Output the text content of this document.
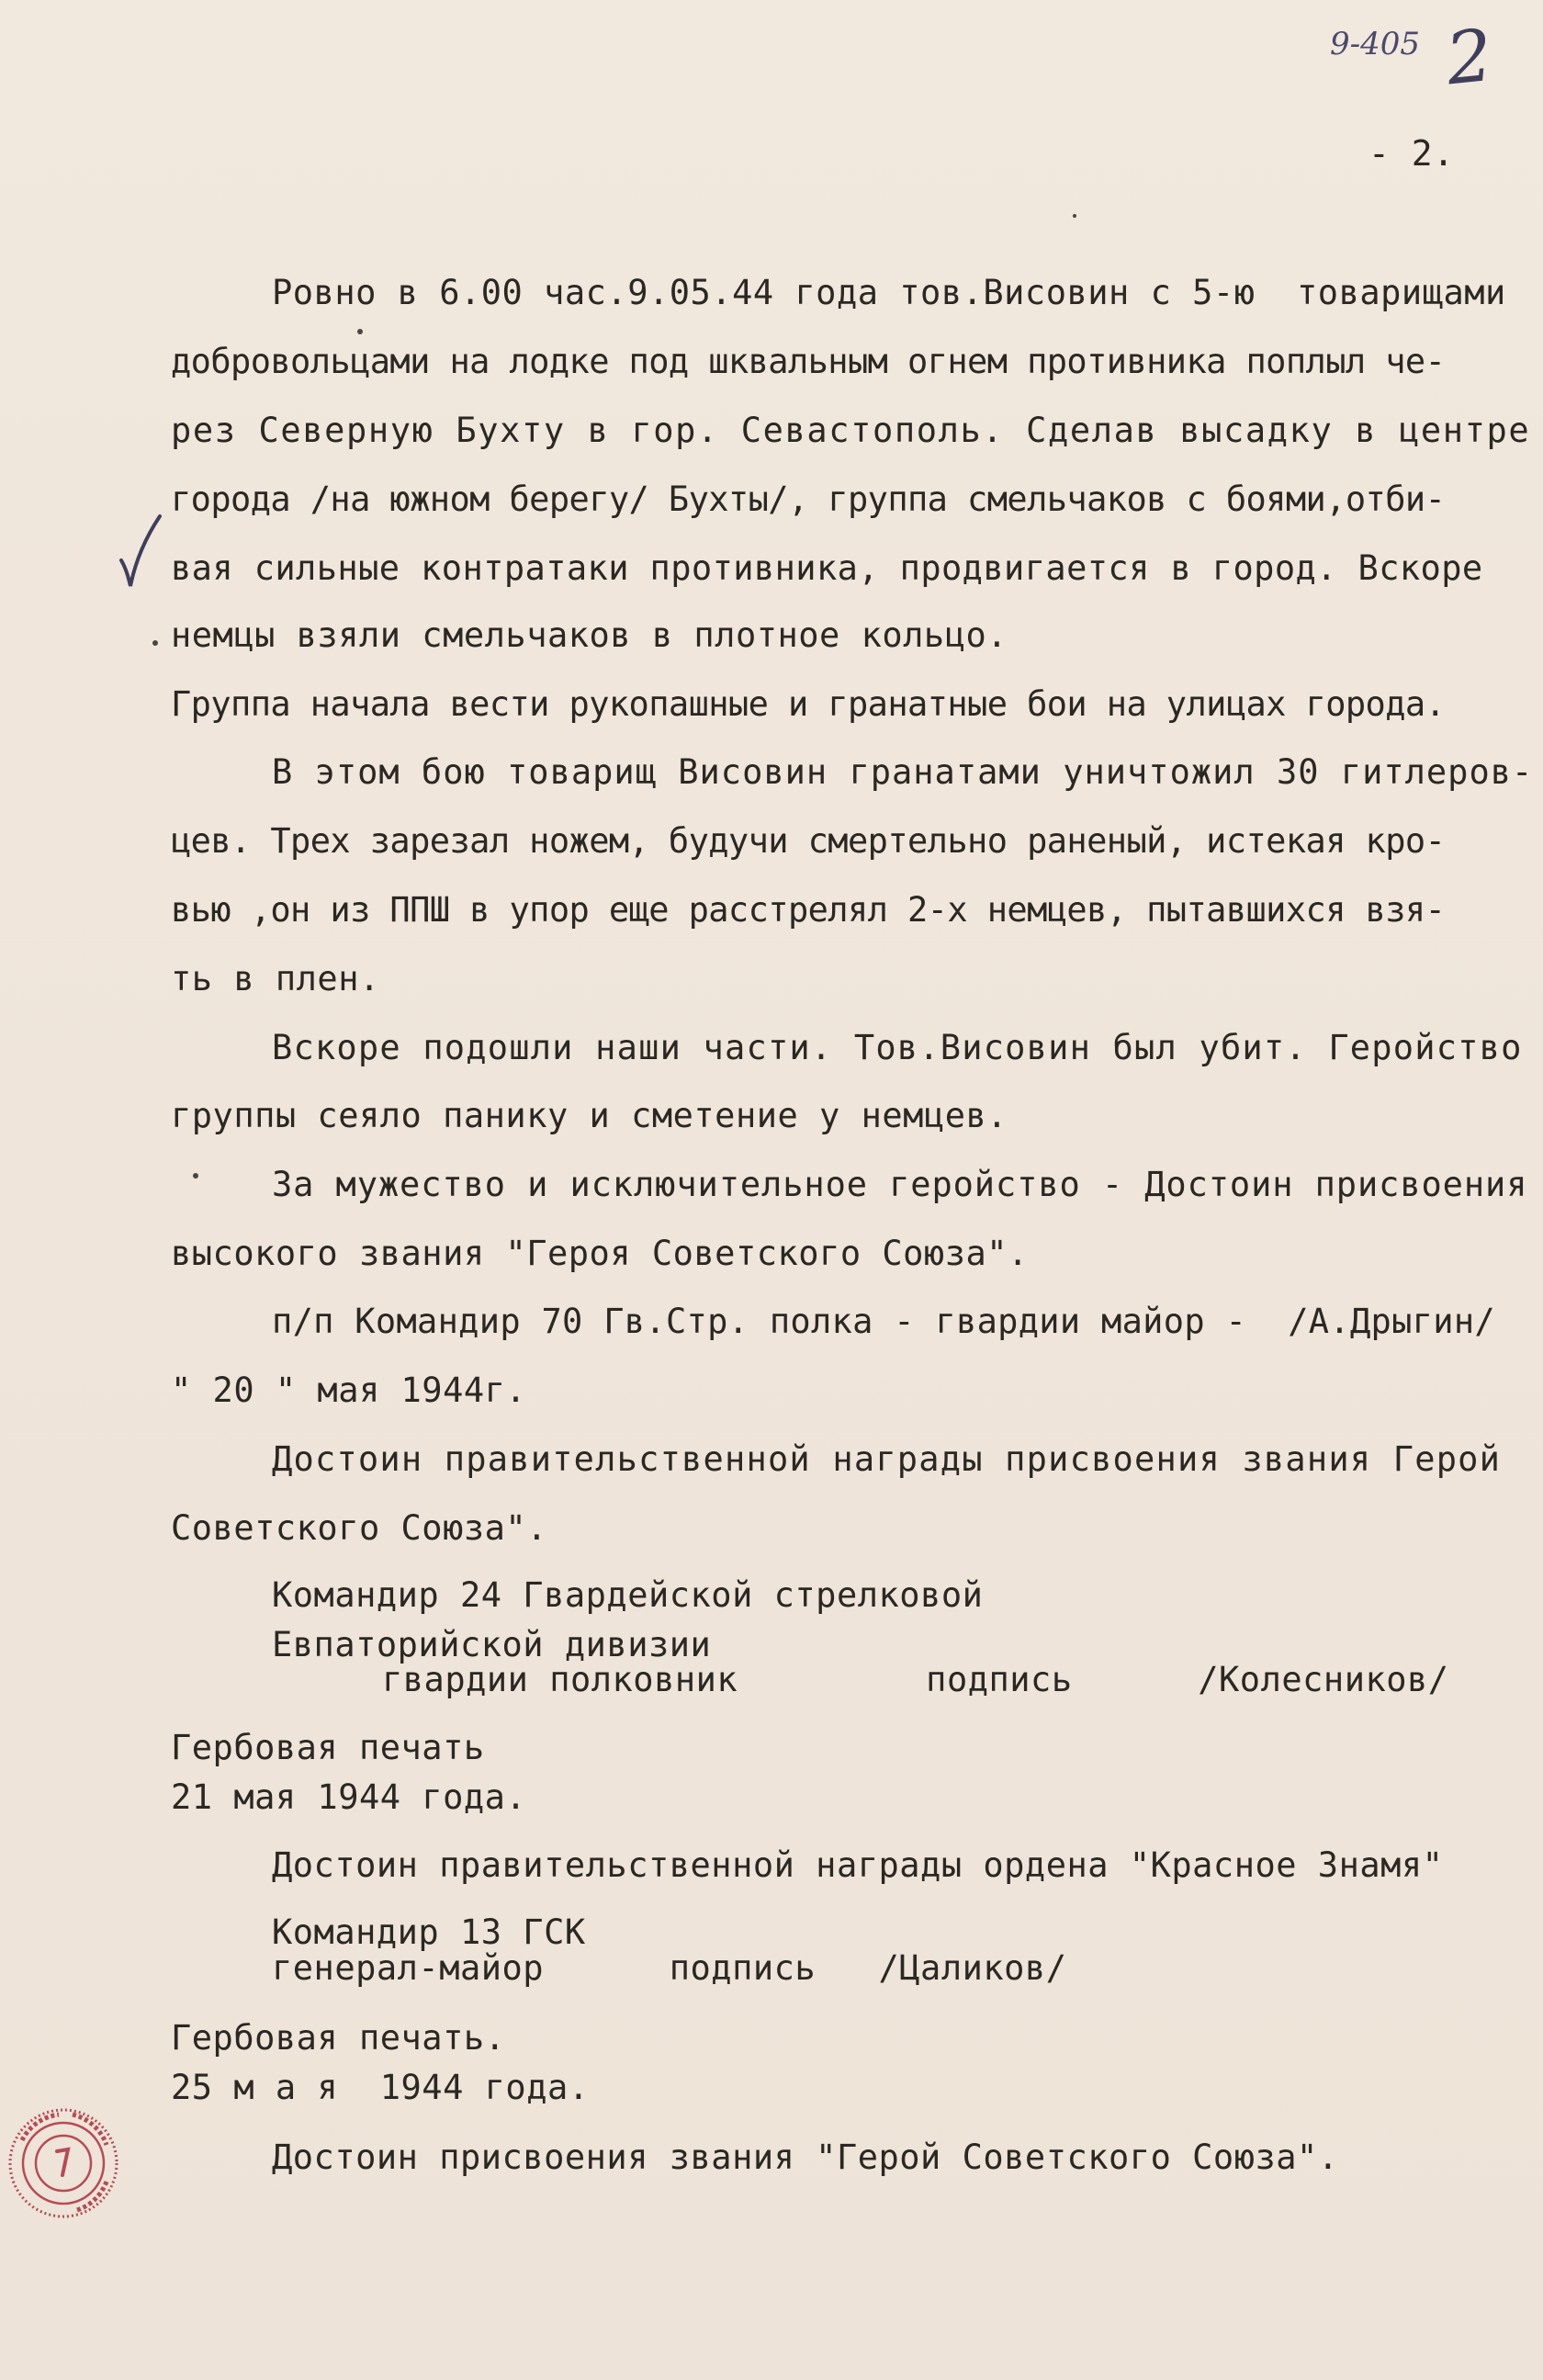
9-405 2
- 2.
Ровно в 6.00 час.9.05.44 года тов.Висовин с 5-ю  товарищами
добровольцами на лодке под шквальным огнем противника поплыл че-
рез Северную Бухту в гор. Севастополь. Сделав высадку в центре
города /на южном берегу/ Бухты/, группа смельчаков с боями,отби-
вая сильные контратаки противника, продвигается в город. Вскоре
немцы взяли смельчаков в плотное кольцо.
Группа начала вести рукопашные и гранатные бои на улицах города.
В этом бою товарищ Висовин гранатами уничтожил 30 гитлеров-
цев. Трех зарезал ножем, будучи смертельно раненый, истекая кро-
вью ,он из ППШ в упор еще расстрелял 2-х немцев, пытавшихся взя-
ть в плен.
Вскоре подошли наши части. Тов.Висовин был убит. Геройство
группы сеяло панику и сметение у немцев.
За мужество и исключительное геройство - Достоин присвоения
высокого звания "Героя Советского Союза".
п/п Командир 70 Гв.Стр. полка - гвардии майор -  /А.Дрыгин/
" 20 " мая 1944г.
Достоин правительственной награды присвоения звания Герой
Советского Союза".
Командир 24 Гвардейской стрелковой
Евпаторийской дивизии
гвардии полковник         подпись      /Колесников/
Гербовая печать
21 мая 1944 года.
Достоин правительственной награды ордена "Красное Знамя"
Командир 13 ГСК
генерал-майор      подпись   /Цаликов/
Гербовая печать.
25 м а я  1944 года.
Достоин присвоения звания "Герой Советского Союза".
